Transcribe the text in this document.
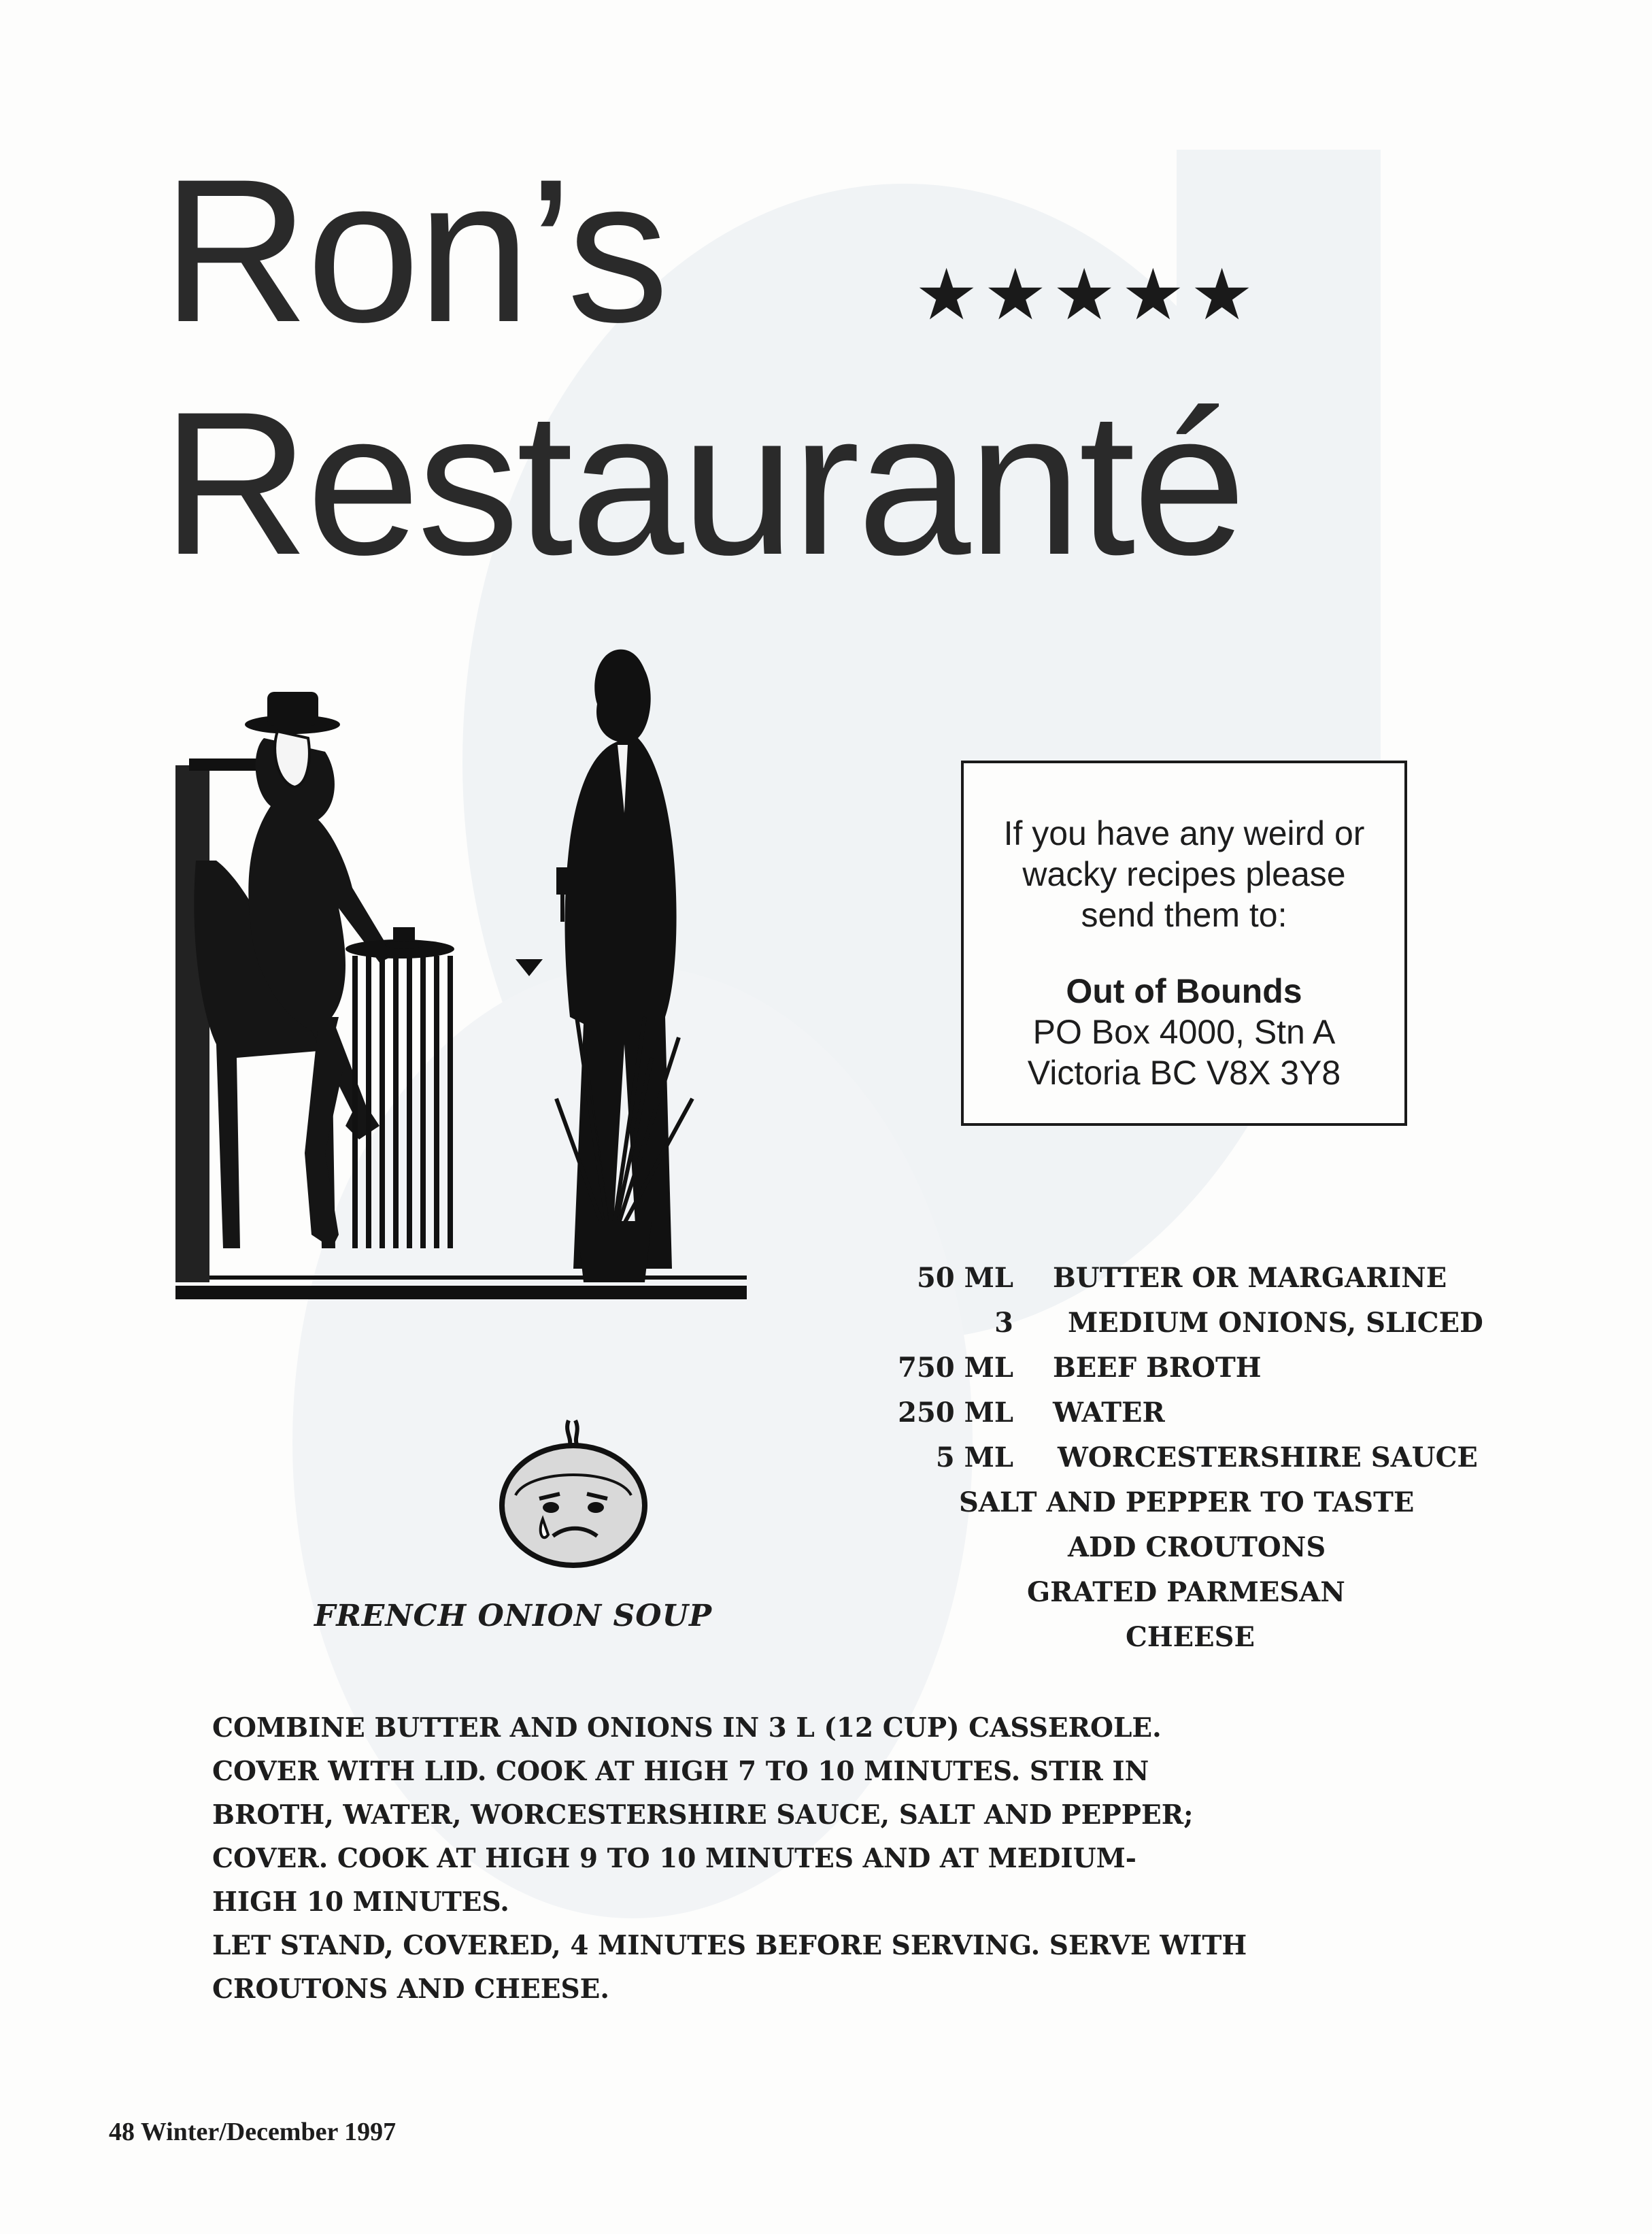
Ron’s	★★★★★
Restauranté
If you have any weird or
wacky recipes please
send them to:
Out of Bounds
PO Box 4000, Stn A
Victoria BC V8X 3Y8
50 ML BUTTER OR MARGARINE
3 MEDIUM ONIONS, SLICED
750 ML BEEF BROTH
250 ML WATER
5 ML WORCESTERSHIRE SAUCE
SALT AND PEPPER TO TASTE
ADD CROUTONS
GRATED PARMESAN
CHEESE
FRENCH ONION SOUP
COMBINE BUTTER AND ONIONS IN 3 L (12 CUP) CASSEROLE.
COVER WITH LID. COOK AT HIGH 7 TO 10 MINUTES. STIR IN
BROTH, WATER, WORCESTERSHIRE SAUCE, SALT AND PEPPER;
COVER. COOK AT HIGH 9 TO 10 MINUTES AND AT MEDIUM-
HIGH 10 MINUTES.
LET STAND, COVERED, 4 MINUTES BEFORE SERVING. SERVE WITH
CROUTONS AND CHEESE.
48 Winter/December 1997
